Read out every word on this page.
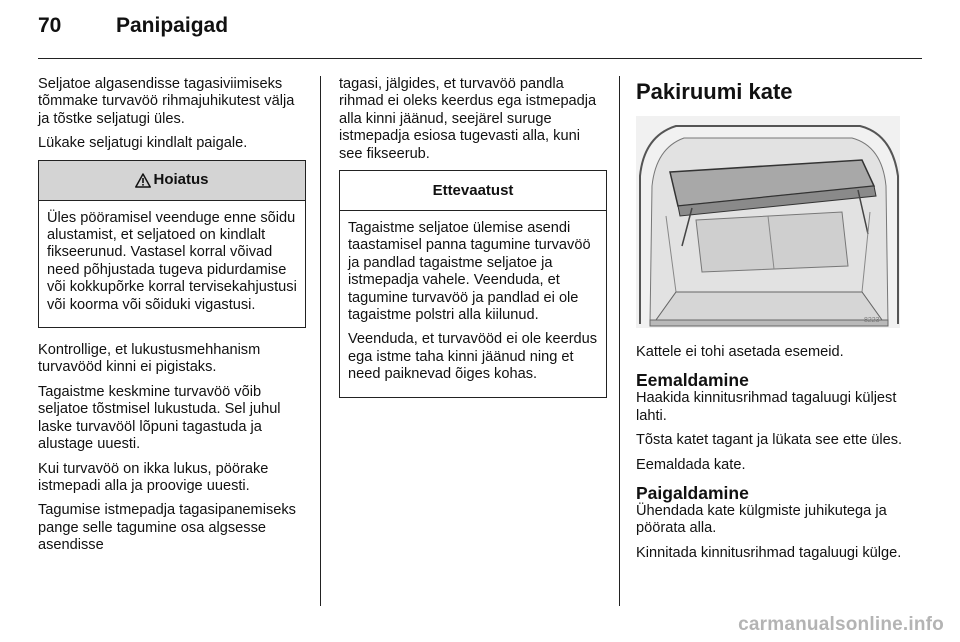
70	Panipaigad

Seljatoe algasendisse tagasiviimiseks tõmmake turvavöö rihmajuhikutest välja ja tõstke seljatugi üles.

Lükake seljatugi kindlalt paigale.

Hoiatus

Üles pööramisel veenduge enne sõidu alustamist, et seljatoed on kindlalt fikseerunud. Vastasel korral võivad need põhjustada tugeva pidurdamise või kokkupõrke korral tervisekahjustusi või koorma või sõiduki vigastusi.

Kontrollige, et lukustusmehhanism turvavööd kinni ei pigistaks.

Tagaistme keskmine turvavöö võib seljatoe tõstmisel lukustuda. Sel juhul laske turvavööl lõpuni tagastuda ja alustage uuesti.

Kui turvavöö on ikka lukus, pöörake istmepadi alla ja proovige uuesti.

Tagumise istmepadja tagasipanemiseks pange selle tagumine osa algsesse asendisse

tagasi, jälgides, et turvavöö pandla rihmad ei oleks keerdus ega istmepadja alla kinni jäänud, seejärel suruge istmepadja esiosa tugevasti alla, kuni see fikseerub.

Ettevaatust

Tagaistme seljatoe ülemise asendi taastamisel panna tagumine turvavöö ja pandlad tagaistme seljatoe ja istmepadja vahele. Veenduda, et tagumine turvavöö ja pandlad ei ole tagaistme polstri alla kiilunud.

Veenduda, et turvavööd ei ole keerdus ega istme taha kinni jäänud ning et need paiknevad õiges kohas.

Pakiruumi kate
8223

Kattele ei tohi asetada esemeid.

Eemaldamine

Haakida kinnitusrihmad tagaluugi küljest lahti.

Tõsta katet tagant ja lükata see ette üles.

Eemaldada kate.

Paigaldamine

Ühendada kate külgmiste juhikutega ja pöörata alla.

Kinnitada kinnitusrihmad tagaluugi külge.

carmanualsonline.info
